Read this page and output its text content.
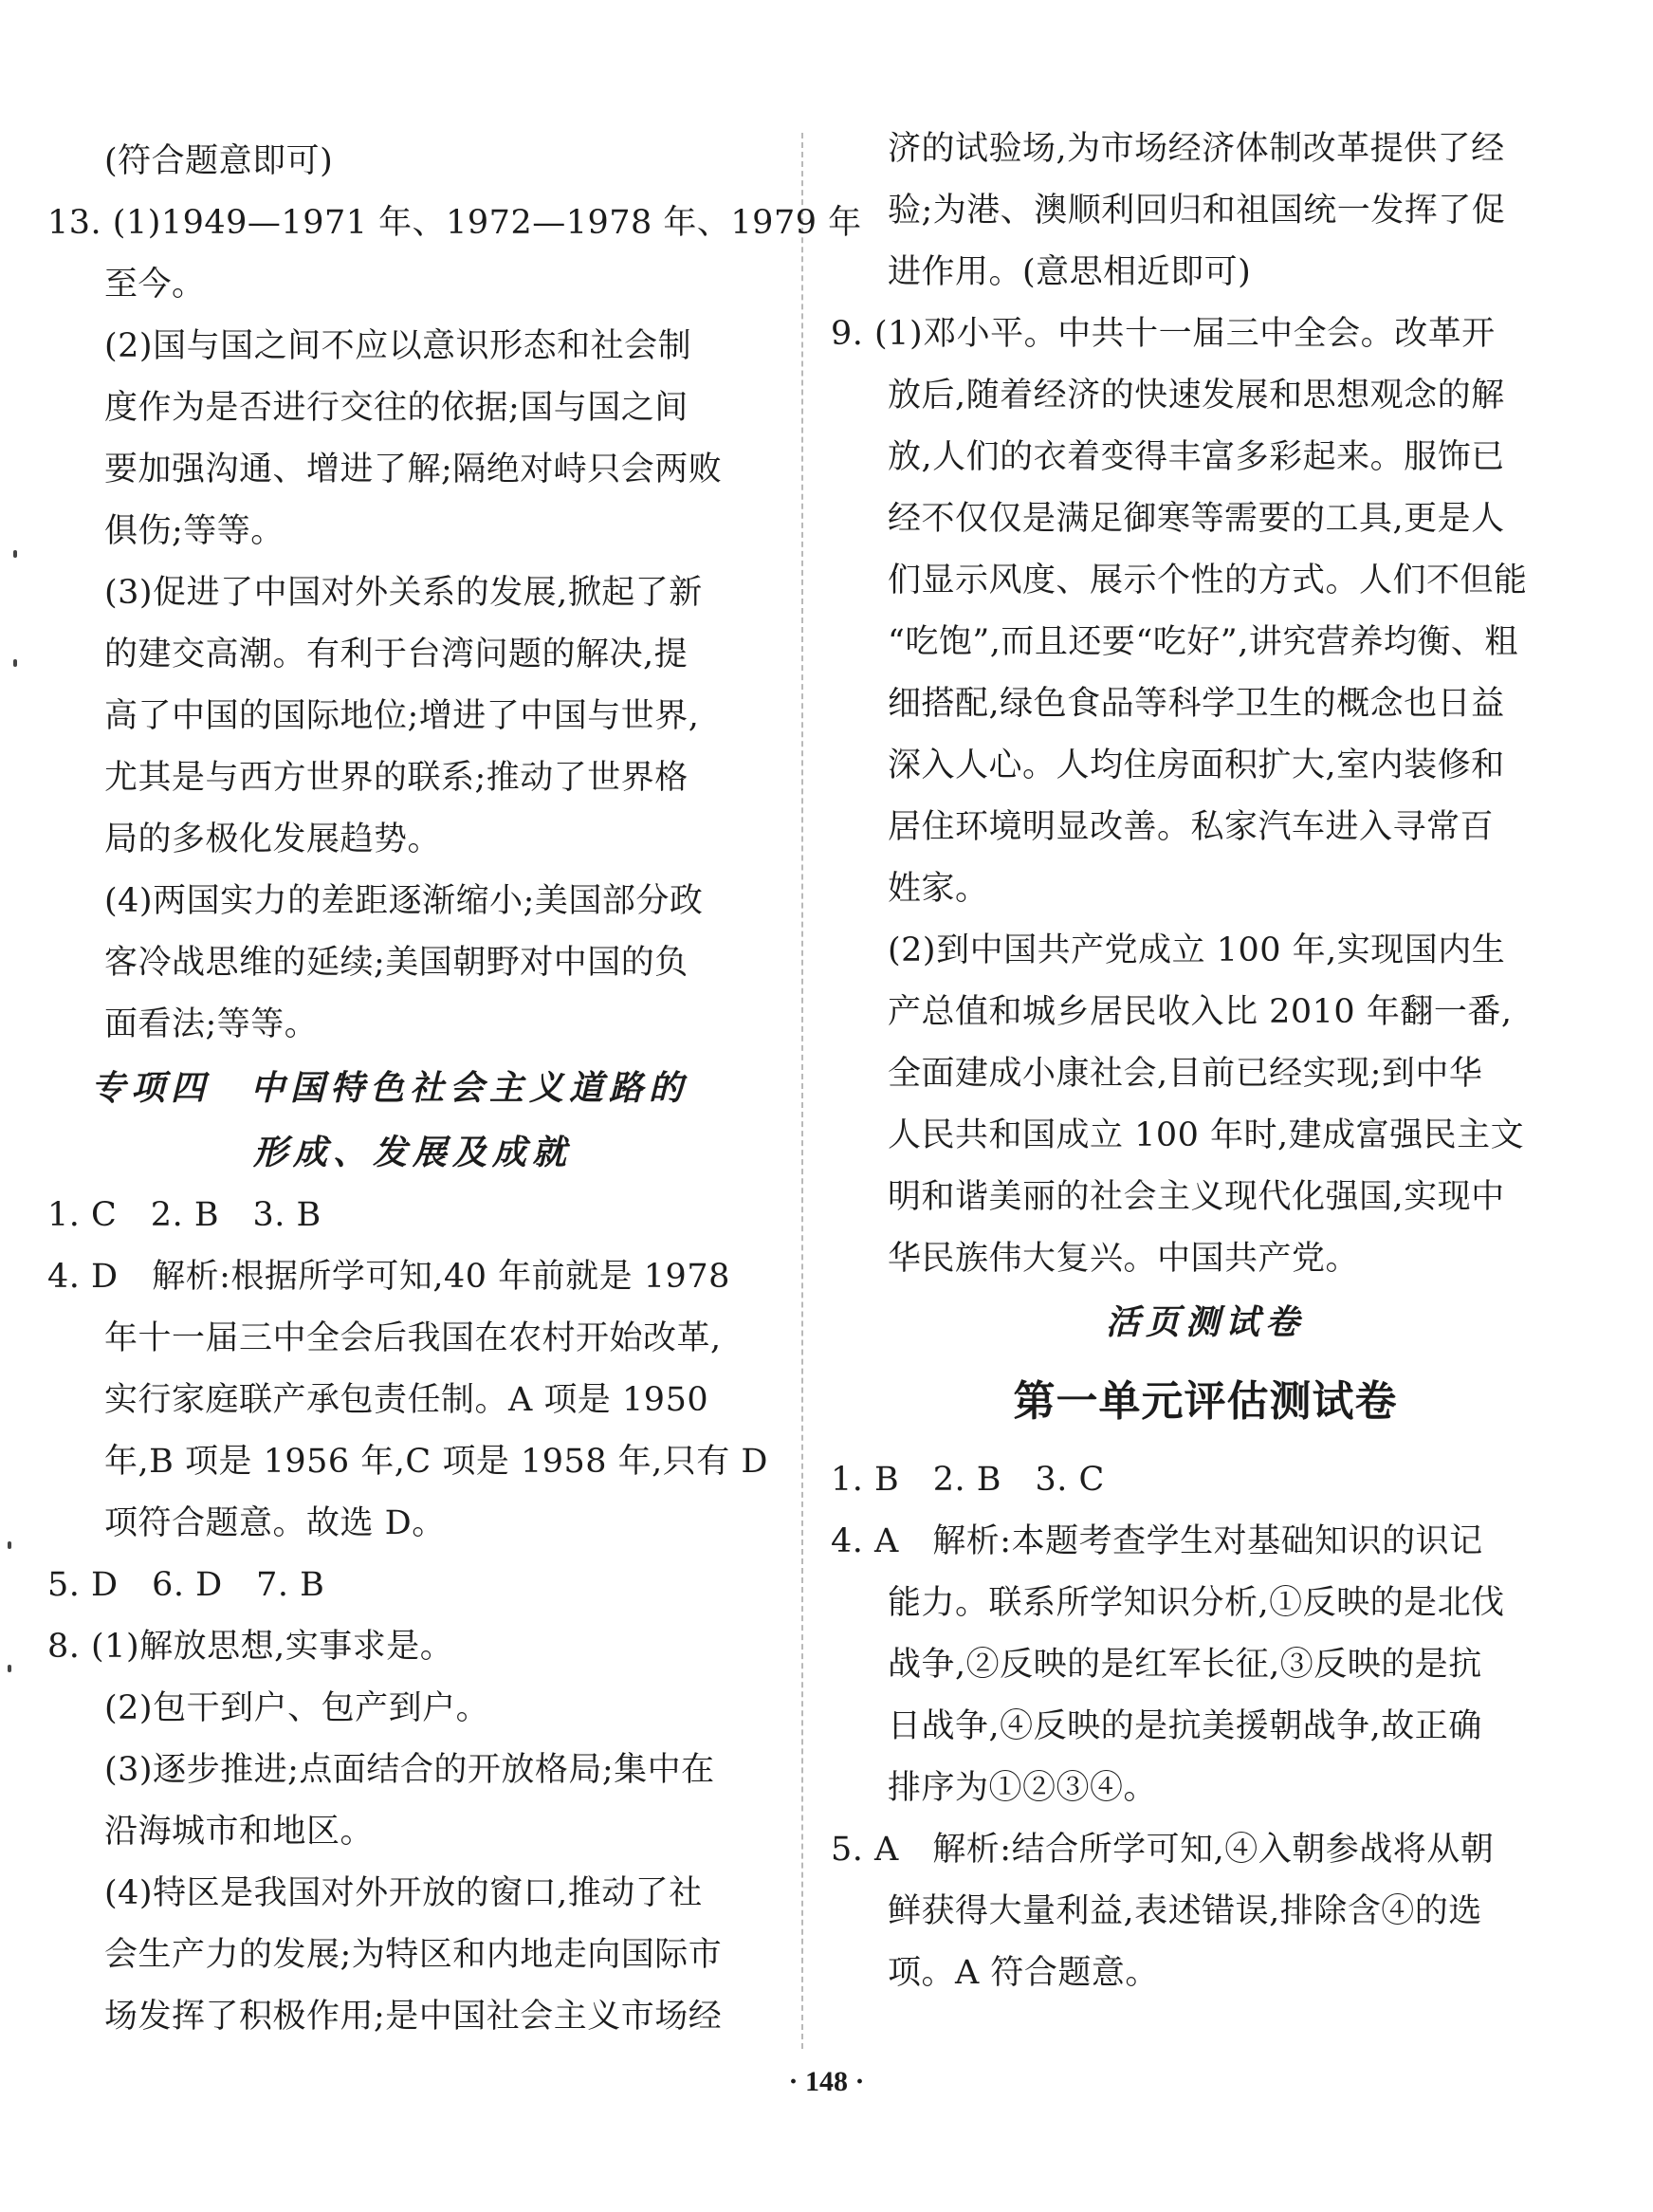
(符合题意即可)
13. (1)1949—1971 年、1972—1978 年、1979 年
至今。
(2)国与国之间不应以意识形态和社会制
度作为是否进行交往的依据;国与国之间
要加强沟通、增进了解;隔绝对峙只会两败
俱伤;等等。
(3)促进了中国对外关系的发展,掀起了新
的建交高潮。有利于台湾问题的解决,提
高了中国的国际地位;增进了中国与世界,
尤其是与西方世界的联系;推动了世界格
局的多极化发展趋势。
(4)两国实力的差距逐渐缩小;美国部分政
客冷战思维的延续;美国朝野对中国的负
面看法;等等。
专项四　中国特色社会主义道路的
形成、发展及成就
1. C　2. B　3. B
4. D　解析:根据所学可知,40 年前就是 1978
年十一届三中全会后我国在农村开始改革,
实行家庭联产承包责任制。A 项是 1950
年,B 项是 1956 年,C 项是 1958 年,只有 D
项符合题意。故选 D。
5. D　6. D　7. B
8. (1)解放思想,实事求是。
(2)包干到户、包产到户。
(3)逐步推进;点面结合的开放格局;集中在
沿海城市和地区。
(4)特区是我国对外开放的窗口,推动了社
会生产力的发展;为特区和内地走向国际市
场发挥了积极作用;是中国社会主义市场经
济的试验场,为市场经济体制改革提供了经
验;为港、澳顺利回归和祖国统一发挥了促
进作用。(意思相近即可)
9. (1)邓小平。中共十一届三中全会。改革开
放后,随着经济的快速发展和思想观念的解
放,人们的衣着变得丰富多彩起来。服饰已
经不仅仅是满足御寒等需要的工具,更是人
们显示风度、展示个性的方式。人们不但能
“吃饱”,而且还要“吃好”,讲究营养均衡、粗
细搭配,绿色食品等科学卫生的概念也日益
深入人心。人均住房面积扩大,室内装修和
居住环境明显改善。私家汽车进入寻常百
姓家。
(2)到中国共产党成立 100 年,实现国内生
产总值和城乡居民收入比 2010 年翻一番,
全面建成小康社会,目前已经实现;到中华
人民共和国成立 100 年时,建成富强民主文
明和谐美丽的社会主义现代化强国,实现中
华民族伟大复兴。中国共产党。
活页测试卷
第一单元评估测试卷
1. B　2. B　3. C
4. A　解析:本题考查学生对基础知识的识记
能力。联系所学知识分析,①反映的是北伐
战争,②反映的是红军长征,③反映的是抗
日战争,④反映的是抗美援朝战争,故正确
排序为①②③④。
5. A　解析:结合所学可知,④入朝参战将从朝
鲜获得大量利益,表述错误,排除含④的选
项。A 符合题意。
· 148 ·
